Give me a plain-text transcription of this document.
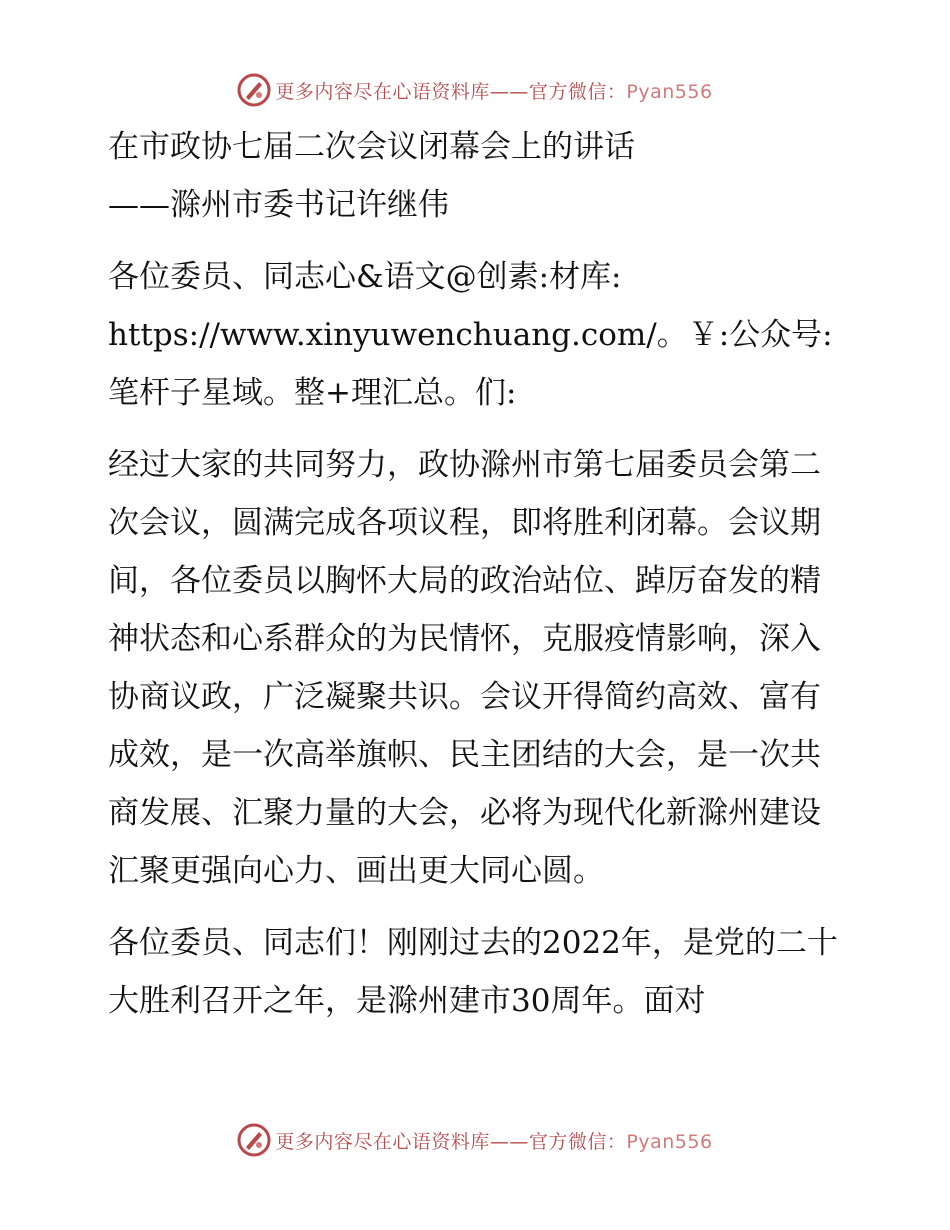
更多内容尽在心语资料库——官方微信：Pyan556

在市政协七届二次会议闭幕会上的讲话

——滁州市委书记许继伟

各位委员、同志心&语文@创素:材库: https://www.xinyuwenchuang.com/。￥:公众号: 笔杆子星域。整+理汇总。们:

经过大家的共同努力，政协滁州市第七届委员会第二次会议，圆满完成各项议程，即将胜利闭幕。会议期间，各位委员以胸怀大局的政治站位、踔厉奋发的精神状态和心系群众的为民情怀，克服疫情影响，深入协商议政，广泛凝聚共识。会议开得简约高效、富有成效，是一次高举旗帜、民主团结的大会，是一次共商发展、汇聚力量的大会，必将为现代化新滁州建设汇聚更强向心力、画出更大同心圆。

各位委员、同志们！刚刚过去的2022年，是党的二十大胜利召开之年，是滁州建市30周年。面对

更多内容尽在心语资料库——官方微信：Pyan556
